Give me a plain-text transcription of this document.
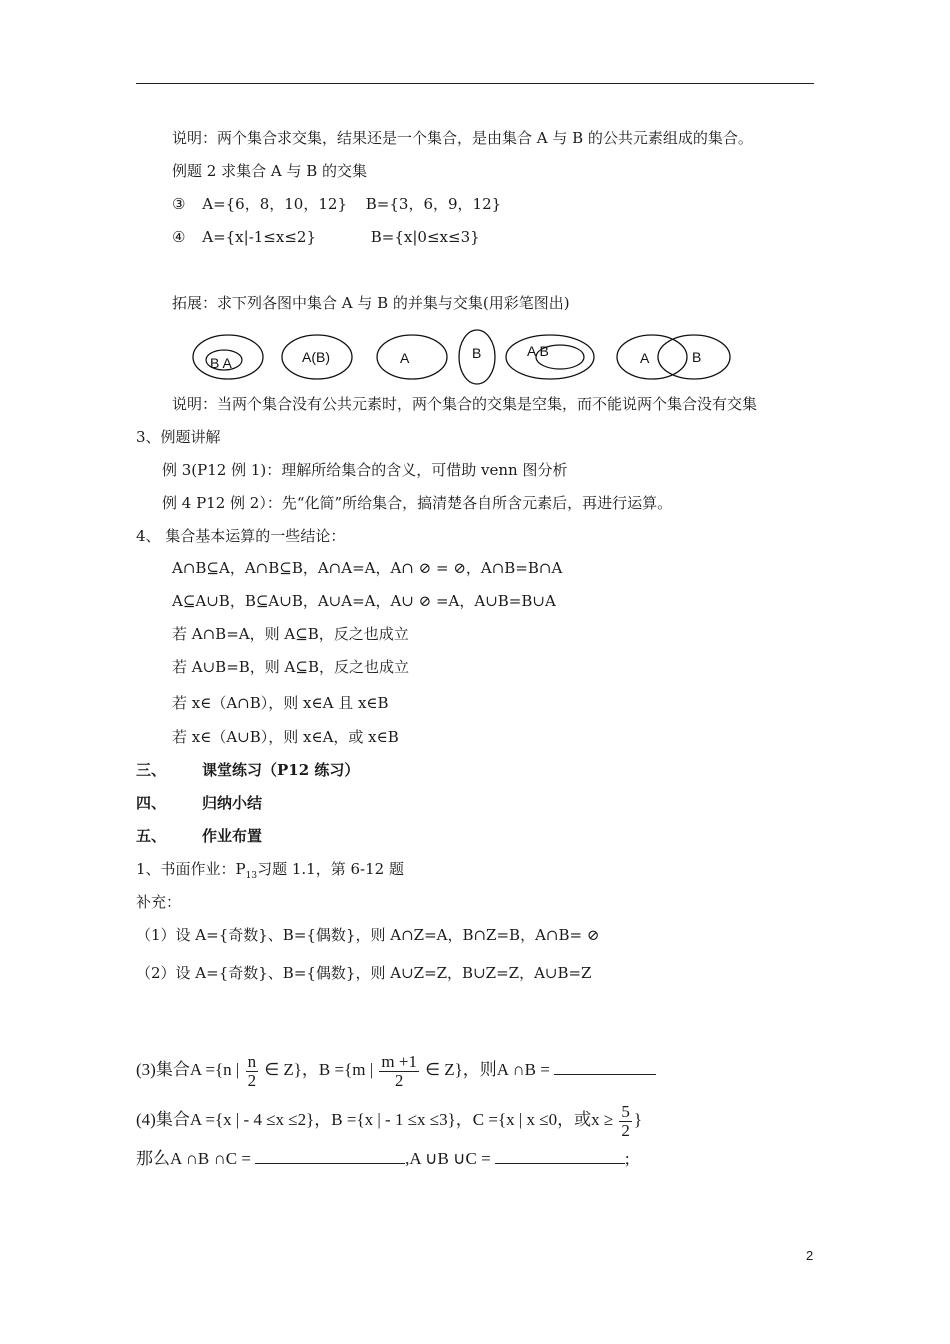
说明：两个集合求交集，结果还是一个集合，是由集合 A 与 B 的公共元素组成的集合。
例题 2 求集合 A 与 B 的交集
③ A={6，8，10，12} B={3，6，9，12}
④ A={x|-1≤x≤2}	B={x|0≤x≤3}
拓展：求下列各图中集合 A 与 B 的并集与交集(用彩笔图出)
B A	A(B)	A	B	A B	A	B
说明：当两个集合没有公共元素时，两个集合的交集是空集，而不能说两个集合没有交集
3、例题讲解
例 3(P12 例 1)：理解所给集合的含义，可借助 venn 图分析
例 4 P12 例 2）：先“化简”所给集合，搞清楚各自所含元素后，再进行运算。
4、 集合基本运算的一些结论：
A∩B⊆A，A∩B⊆B，A∩A=A，A∩ ⊘ = ⊘，A∩B=B∩A
A⊆A∪B，B⊆A∪B，A∪A=A，A∪ ⊘ =A，A∪B=B∪A
若 A∩B=A，则 A⊆B，反之也成立
若 A∪B=B，则 A⊆B，反之也成立
若 x∈（A∩B），则 x∈A 且 x∈B
若 x∈（A∪B），则 x∈A，或 x∈B
三、 课堂练习（P12 练习）
四、 归纳小结
五、 作业布置
1、书面作业：$P_{13}$习题 1.1，第 6-12 题
补充：
（1）设 A={奇数}、B={偶数}，则 A∩Z=A，B∩Z=B，A∩B= ⊘
（2）设 A={奇数}、B={偶数}，则 A∪Z=Z，B∪Z=Z，A∪B=Z
(3)集合A ={n | $\frac{n}{2}$ ∈ Z}，B ={m | $\frac{m +1}{2}$ ∈ Z}，则A ∩B =
(4)集合A ={x | - 4 ≤x ≤2}，B ={x | - 1 ≤x ≤3}，C ={x | x ≤0，或$x \ge \frac{5}{2}$ }
那么A ∩B ∩C =	,A ∪B ∪C =	;
2
